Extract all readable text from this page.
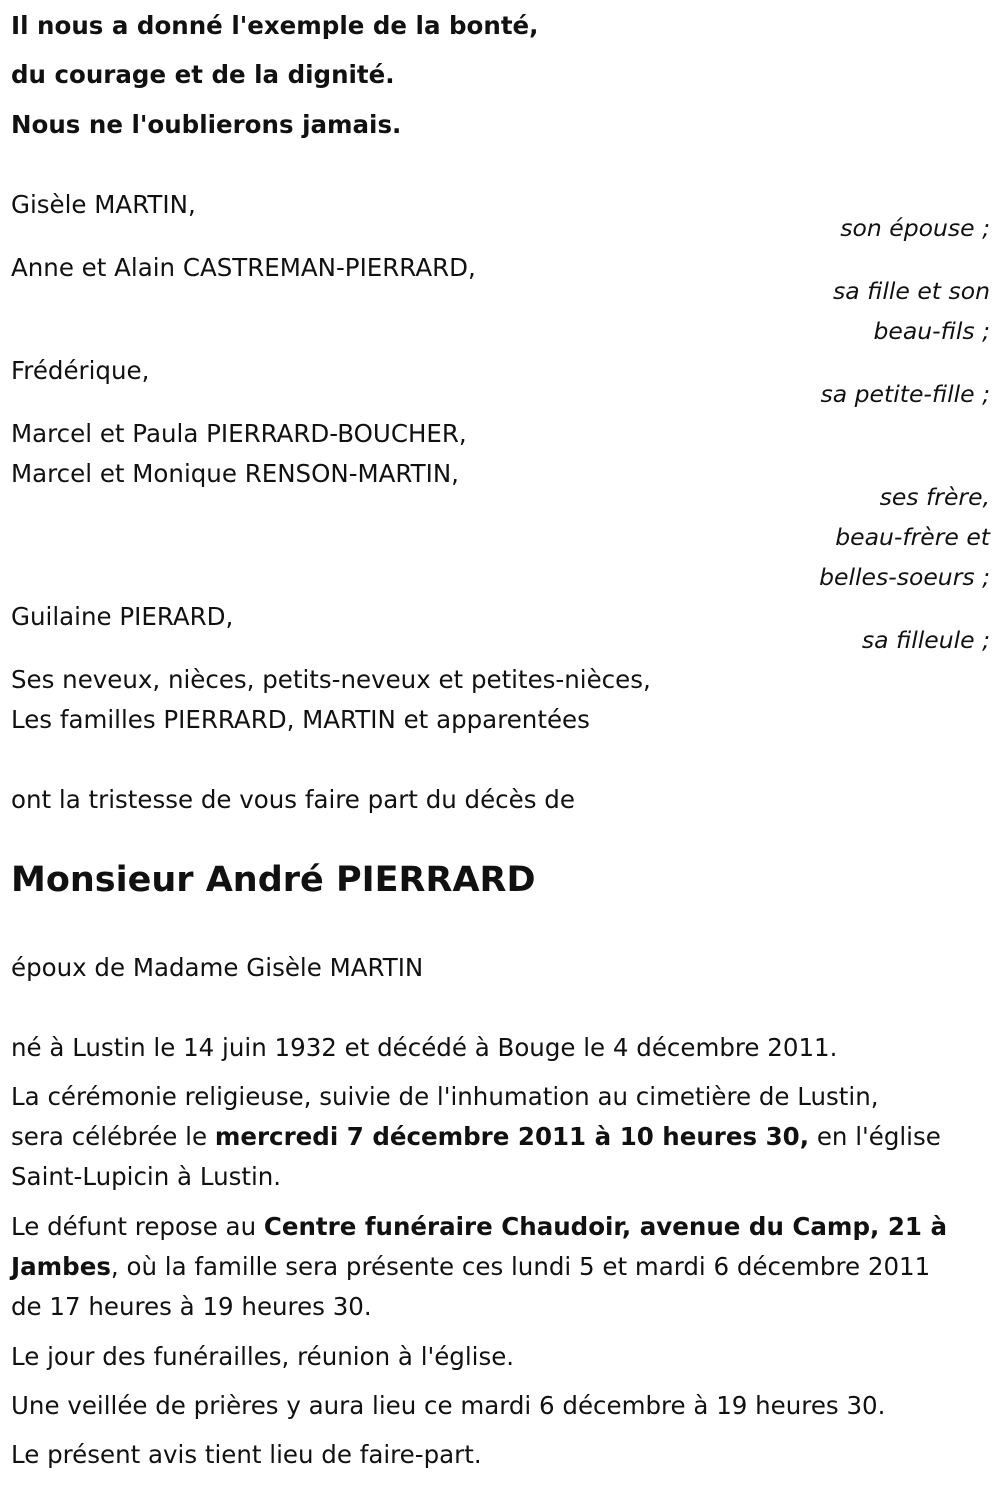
Il nous a donné l'exemple de la bonté,
du courage et de la dignité.
Nous ne l'oublierons jamais.
Gisèle MARTIN,
son épouse ;
Anne et Alain CASTREMAN-PIERRARD,
sa fille et son
beau-fils ;
Frédérique,
sa petite-fille ;
Marcel et Paula PIERRARD-BOUCHER,
Marcel et Monique RENSON-MARTIN,
ses frère,
beau-frère et
belles-soeurs ;
Guilaine PIERARD,
sa filleule ;
Ses neveux, nièces, petits-neveux et petites-nièces,
Les familles PIERRARD, MARTIN et apparentées
ont la tristesse de vous faire part du décès de
Monsieur André PIERRARD
époux de Madame Gisèle MARTIN
né à Lustin le 14 juin 1932 et décédé à Bouge le 4 décembre 2011.
La cérémonie religieuse, suivie de l'inhumation au cimetière de Lustin,
sera célébrée le mercredi 7 décembre 2011 à 10 heures 30, en l'église
Saint-Lupicin à Lustin.
Le défunt repose au Centre funéraire Chaudoir, avenue du Camp, 21 à
Jambes, où la famille sera présente ces lundi 5 et mardi 6 décembre 2011
de 17 heures à 19 heures 30.
Le jour des funérailles, réunion à l'église.
Une veillée de prières y aura lieu ce mardi 6 décembre à 19 heures 30.
Le présent avis tient lieu de faire-part.
